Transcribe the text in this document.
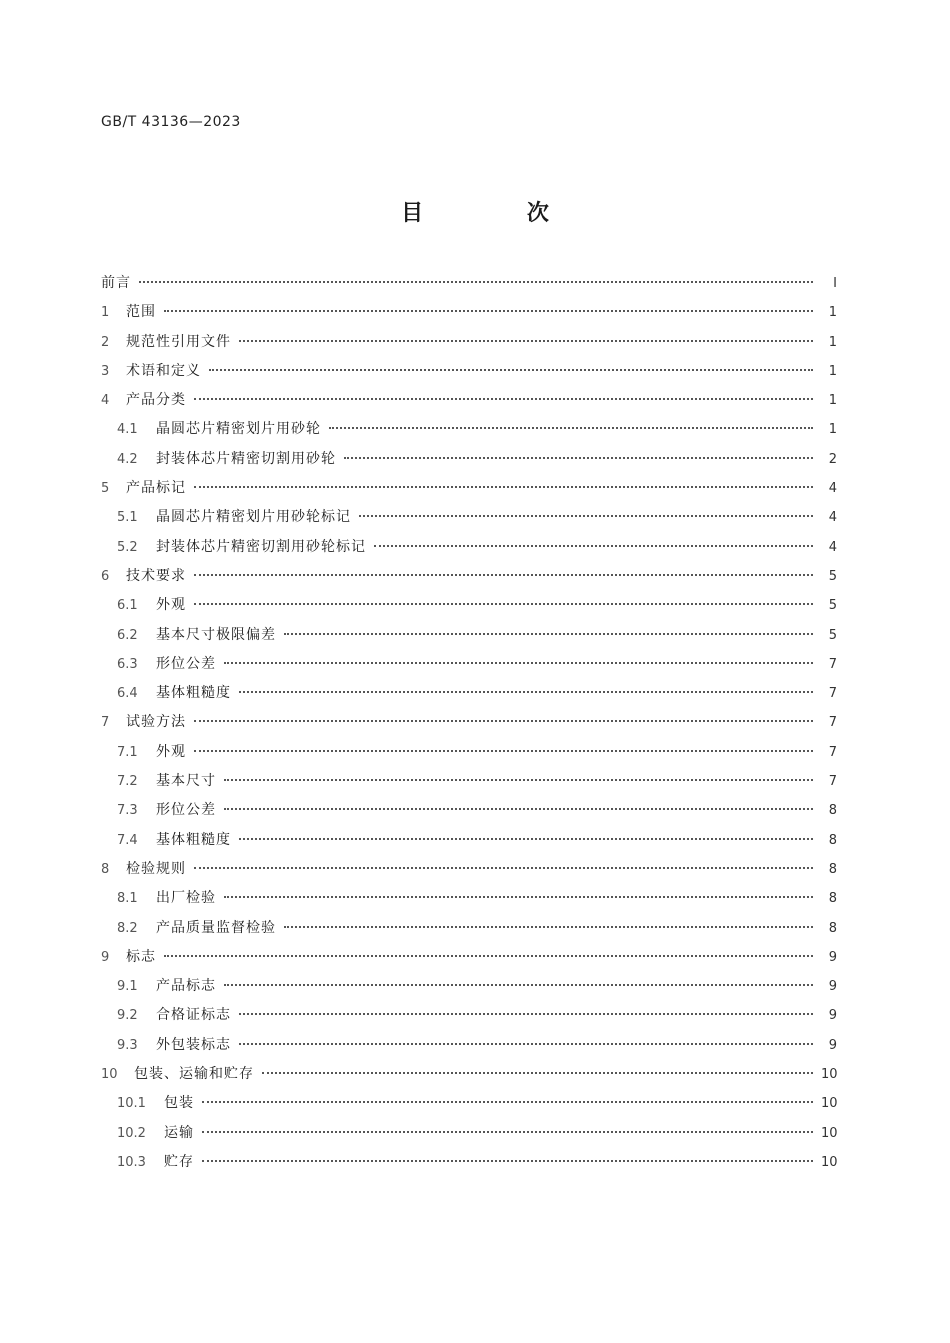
GB/T 43136—2023
目 次
前言	Ⅰ
1	范围	1
2	规范性引用文件	1
3	术语和定义	1
4	产品分类	1
4.1	晶圆芯片精密划片用砂轮	1
4.2	封装体芯片精密切割用砂轮	2
5	产品标记	4
5.1	晶圆芯片精密划片用砂轮标记	4
5.2	封装体芯片精密切割用砂轮标记	4
6	技术要求	5
6.1	外观	5
6.2	基本尺寸极限偏差	5
6.3	形位公差	7
6.4	基体粗糙度	7
7	试验方法	7
7.1	外观	7
7.2	基本尺寸	7
7.3	形位公差	8
7.4	基体粗糙度	8
8	检验规则	8
8.1	出厂检验	8
8.2	产品质量监督检验	8
9	标志	9
9.1	产品标志	9
9.2	合格证标志	9
9.3	外包装标志	9
10	包装、运输和贮存	10
10.1	包装	10
10.2	运输	10
10.3	贮存	10
